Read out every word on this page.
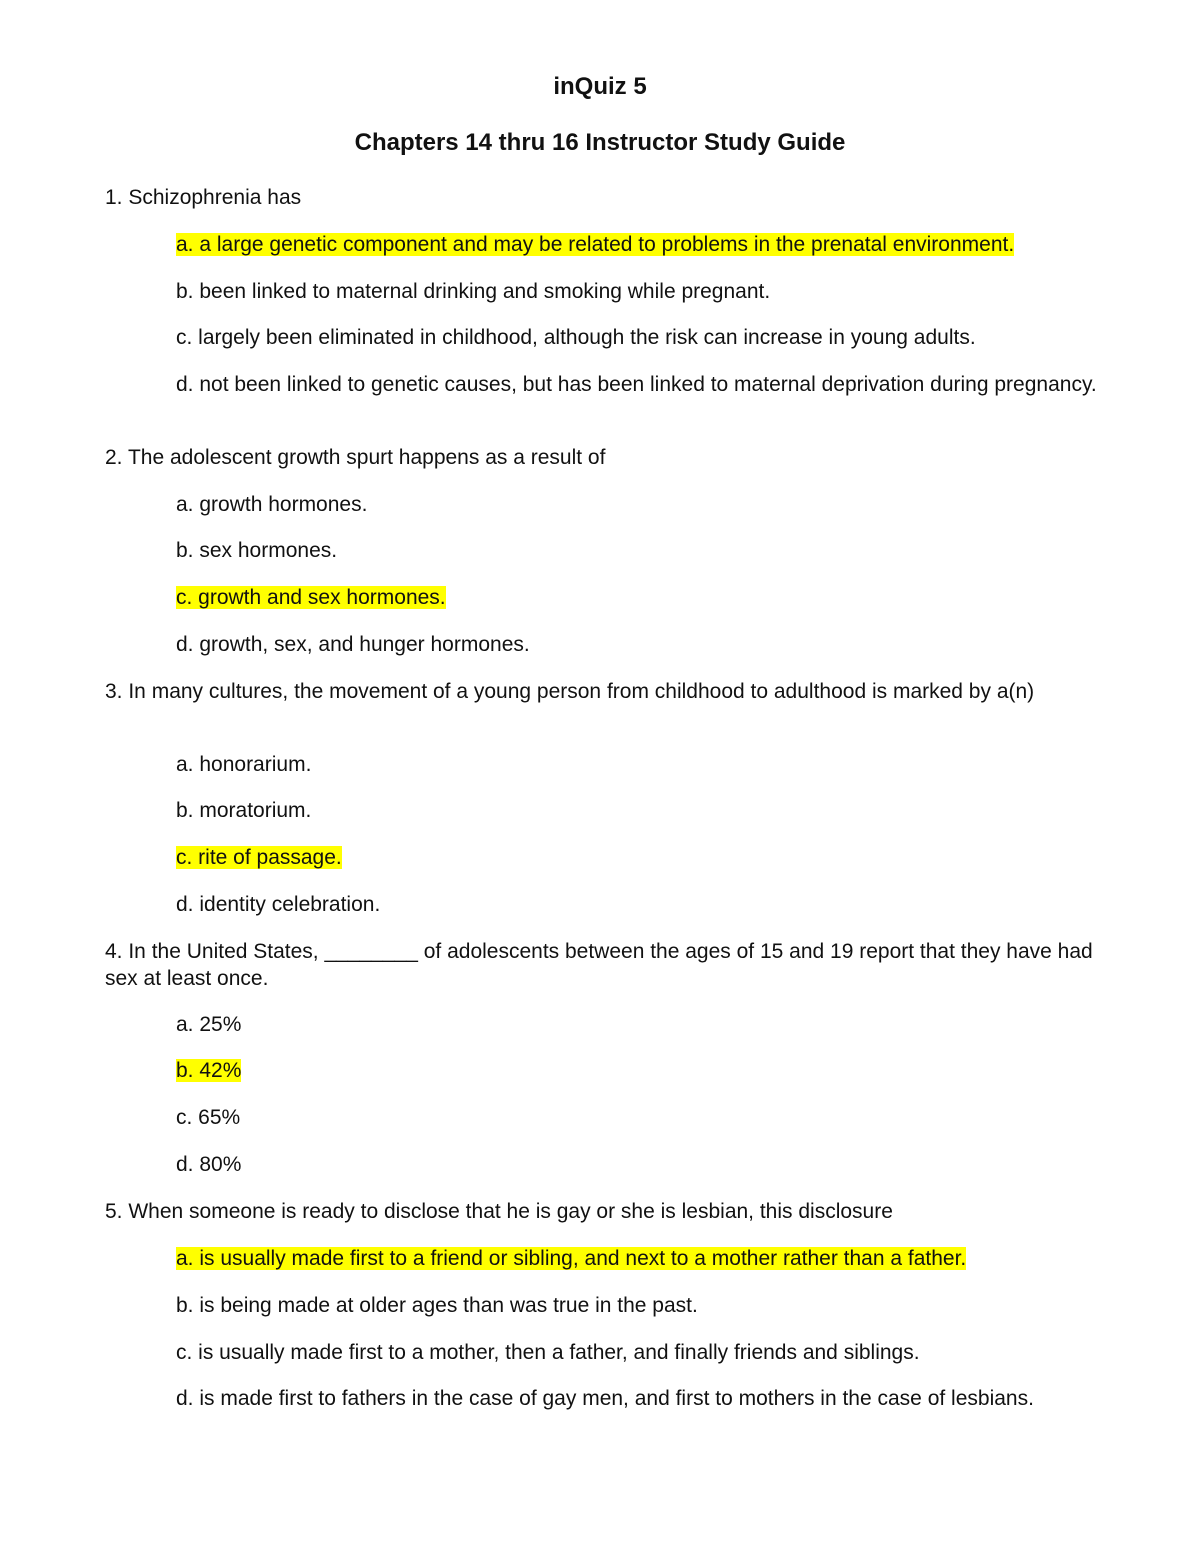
inQuiz 5
Chapters 14 thru 16 Instructor Study Guide

1. Schizophrenia has

a. a large genetic component and may be related to problems in the prenatal environment.

b. been linked to maternal drinking and smoking while pregnant.

c. largely been eliminated in childhood, although the risk can increase in young adults.

d. not been linked to genetic causes, but has been linked to maternal deprivation during pregnancy.

2. The adolescent growth spurt happens as a result of

a. growth hormones.

b. sex hormones.

c. growth and sex hormones.

d. growth, sex, and hunger hormones.

3. In many cultures, the movement of a young person from childhood to adulthood is marked by a(n)

a. honorarium.

b. moratorium.

c. rite of passage.

d. identity celebration.

4. In the United States, ________ of adolescents between the ages of 15 and 19 report that they have had sex at least once.

a. 25%

b. 42%

c. 65%

d. 80%

5. When someone is ready to disclose that he is gay or she is lesbian, this disclosure

a. is usually made first to a friend or sibling, and next to a mother rather than a father.

b. is being made at older ages than was true in the past.

c. is usually made first to a mother, then a father, and finally friends and siblings.

d. is made first to fathers in the case of gay men, and first to mothers in the case of lesbians.
